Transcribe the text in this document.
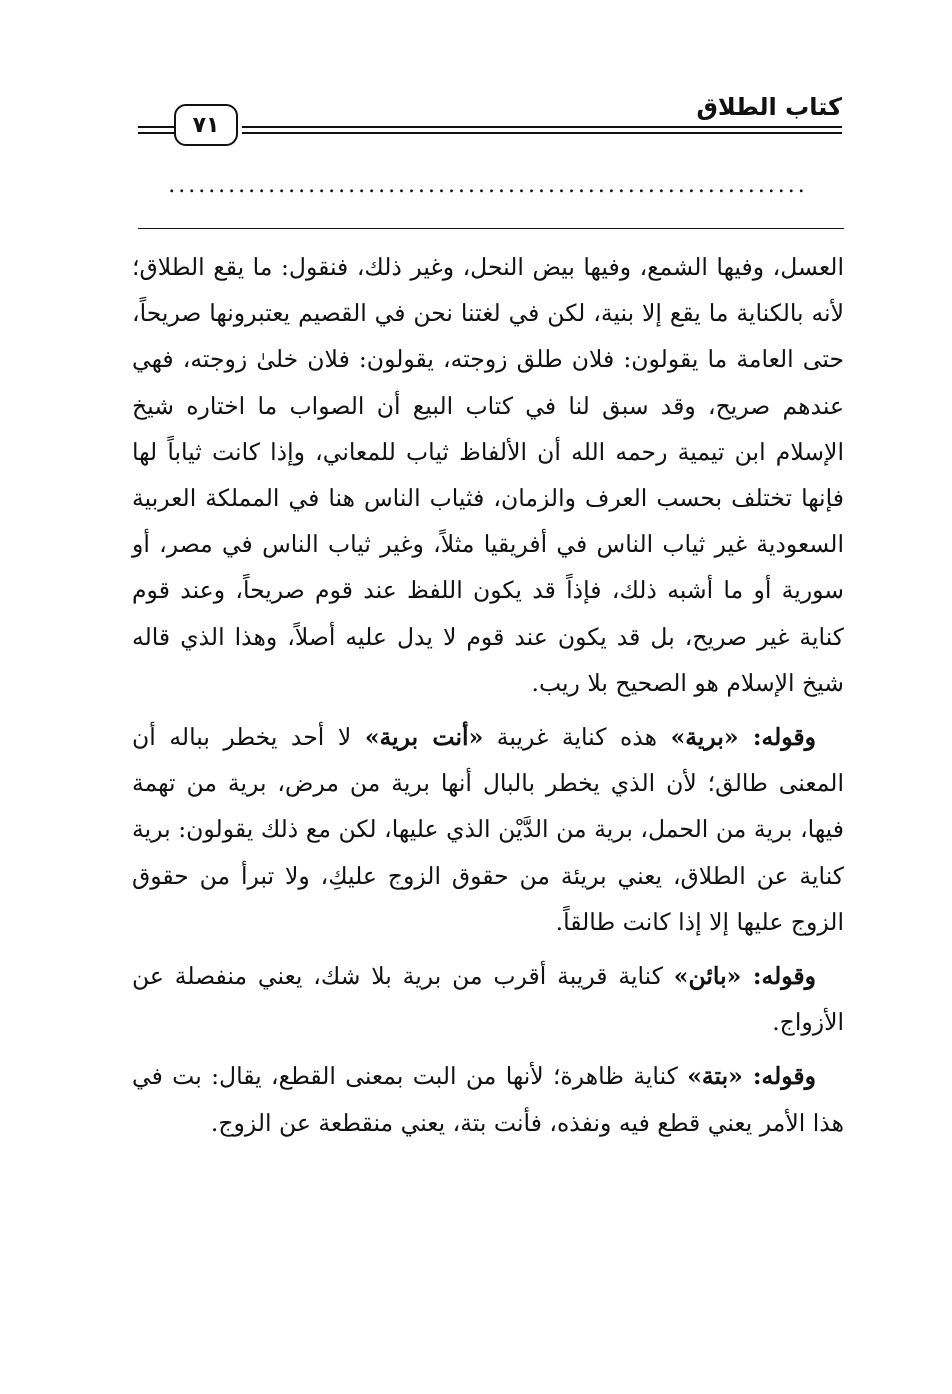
كتاب الطلاق
٧١
................................................................

العسل، وفيها الشمع، وفيها بيض النحل، وغير ذلك، فنقول: ما يقع الطلاق؛ لأنه بالكناية ما يقع إلا بنية، لكن في لغتنا نحن في القصيم يعتبرونها صريحاً، حتى العامة ما يقولون: فلان طلق زوجته، يقولون: فلان خلىٰ زوجته، فهي عندهم صريح، وقد سبق لنا في كتاب البيع أن الصواب ما اختاره شيخ الإسلام ابن تيمية رحمه الله أن الألفاظ ثياب للمعاني، وإذا كانت ثياباً لها فإنها تختلف بحسب العرف والزمان، فثياب الناس هنا في المملكة العربية السعودية غير ثياب الناس في أفريقيا مثلاً، وغير ثياب الناس في مصر، أو سورية أو ما أشبه ذلك، فإذاً قد يكون اللفظ عند قوم صريحاً، وعند قوم كناية غير صريح، بل قد يكون عند قوم لا يدل عليه أصلاً، وهذا الذي قاله شيخ الإسلام هو الصحيح بلا ريب.

وقوله: «برية» هذه كناية غريبة «أنت برية» لا أحد يخطر بباله أن المعنى طالق؛ لأن الذي يخطر بالبال أنها برية من مرض، برية من تهمة فيها، برية من الحمل، برية من الدَّيْن الذي عليها، لكن مع ذلك يقولون: برية كناية عن الطلاق، يعني بريئة من حقوق الزوج عليكِ، ولا تبرأ من حقوق الزوج عليها إلا إذا كانت طالقاً.

وقوله: «بائن» كناية قريبة أقرب من برية بلا شك، يعني منفصلة عن الأزواج.

وقوله: «بتة» كناية ظاهرة؛ لأنها من البت بمعنى القطع، يقال: بت في هذا الأمر يعني قطع فيه ونفذه، فأنت بتة، يعني منقطعة عن الزوج.
